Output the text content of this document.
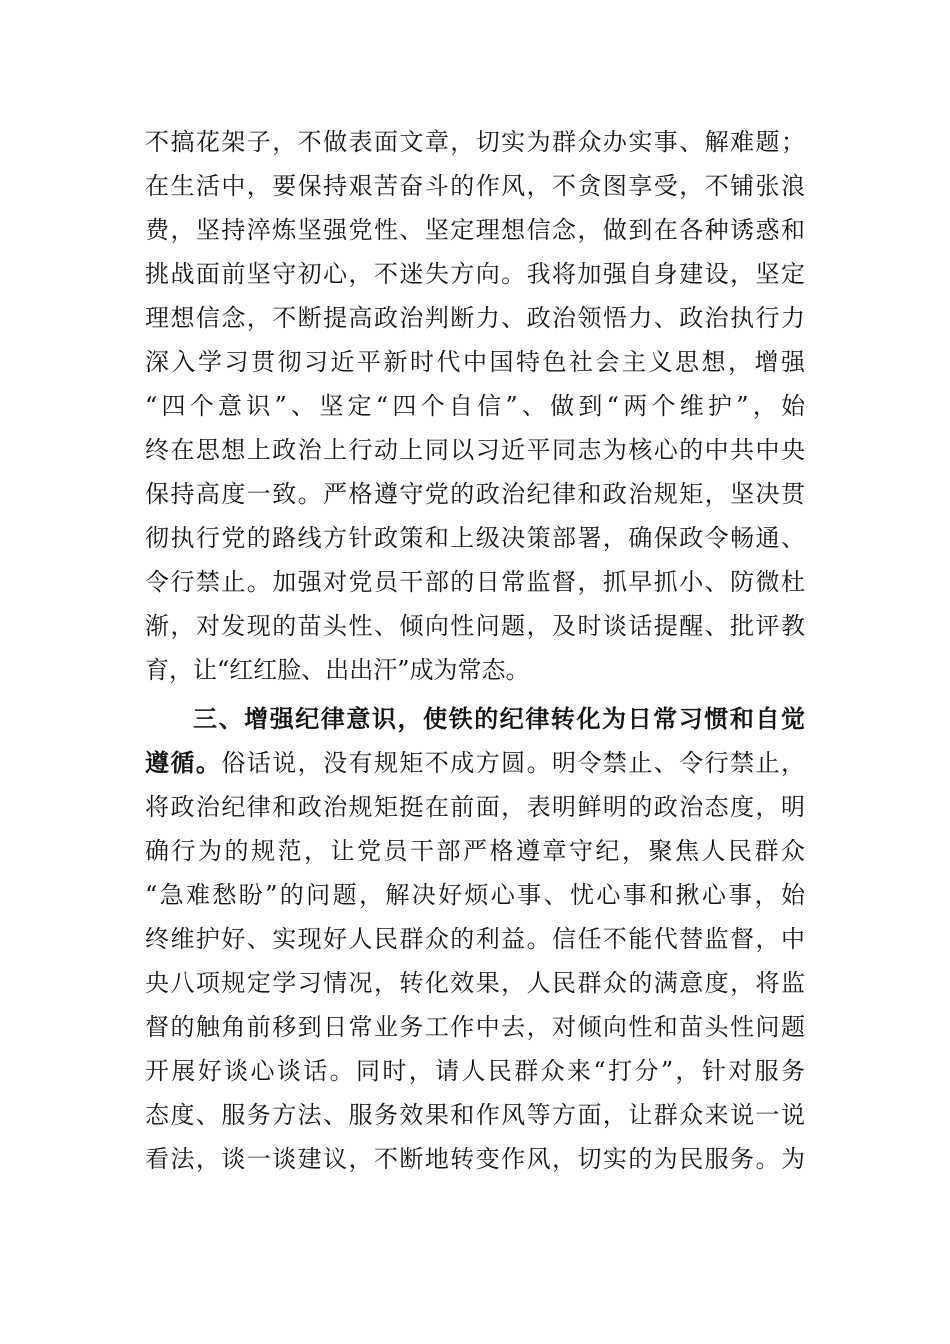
不搞花架子，不做表面文章，切实为群众办实事、解难题；
在生活中，要保持艰苦奋斗的作风，不贪图享受，不铺张浪
费，坚持淬炼坚强党性、坚定理想信念，做到在各种诱惑和
挑战面前坚守初心，不迷失方向。我将加强自身建设，坚定
理想信念，不断提高政治判断力、政治领悟力、政治执行力
深入学习贯彻习近平新时代中国特色社会主义思想，增强
“四个意识”、坚定“四个自信”、做到“两个维护”，始
终在思想上政治上行动上同以习近平同志为核心的中共中央
保持高度一致。严格遵守党的政治纪律和政治规矩，坚决贯
彻执行党的路线方针政策和上级决策部署，确保政令畅通、
令行禁止。加强对党员干部的日常监督，抓早抓小、防微杜
渐，对发现的苗头性、倾向性问题，及时谈话提醒、批评教
育，让“红红脸、出出汗”成为常态。
三、增强纪律意识，使铁的纪律转化为日常习惯和自觉
遵循。俗话说，没有规矩不成方圆。明令禁止、令行禁止，
将政治纪律和政治规矩挺在前面，表明鲜明的政治态度，明
确行为的规范，让党员干部严格遵章守纪，聚焦人民群众
“急难愁盼”的问题，解决好烦心事、忧心事和揪心事，始
终维护好、实现好人民群众的利益。信任不能代替监督，中
央八项规定学习情况，转化效果，人民群众的满意度，将监
督的触角前移到日常业务工作中去，对倾向性和苗头性问题
开展好谈心谈话。同时，请人民群众来“打分”，针对服务
态度、服务方法、服务效果和作风等方面，让群众来说一说
看法，谈一谈建议，不断地转变作风，切实的为民服务。为
